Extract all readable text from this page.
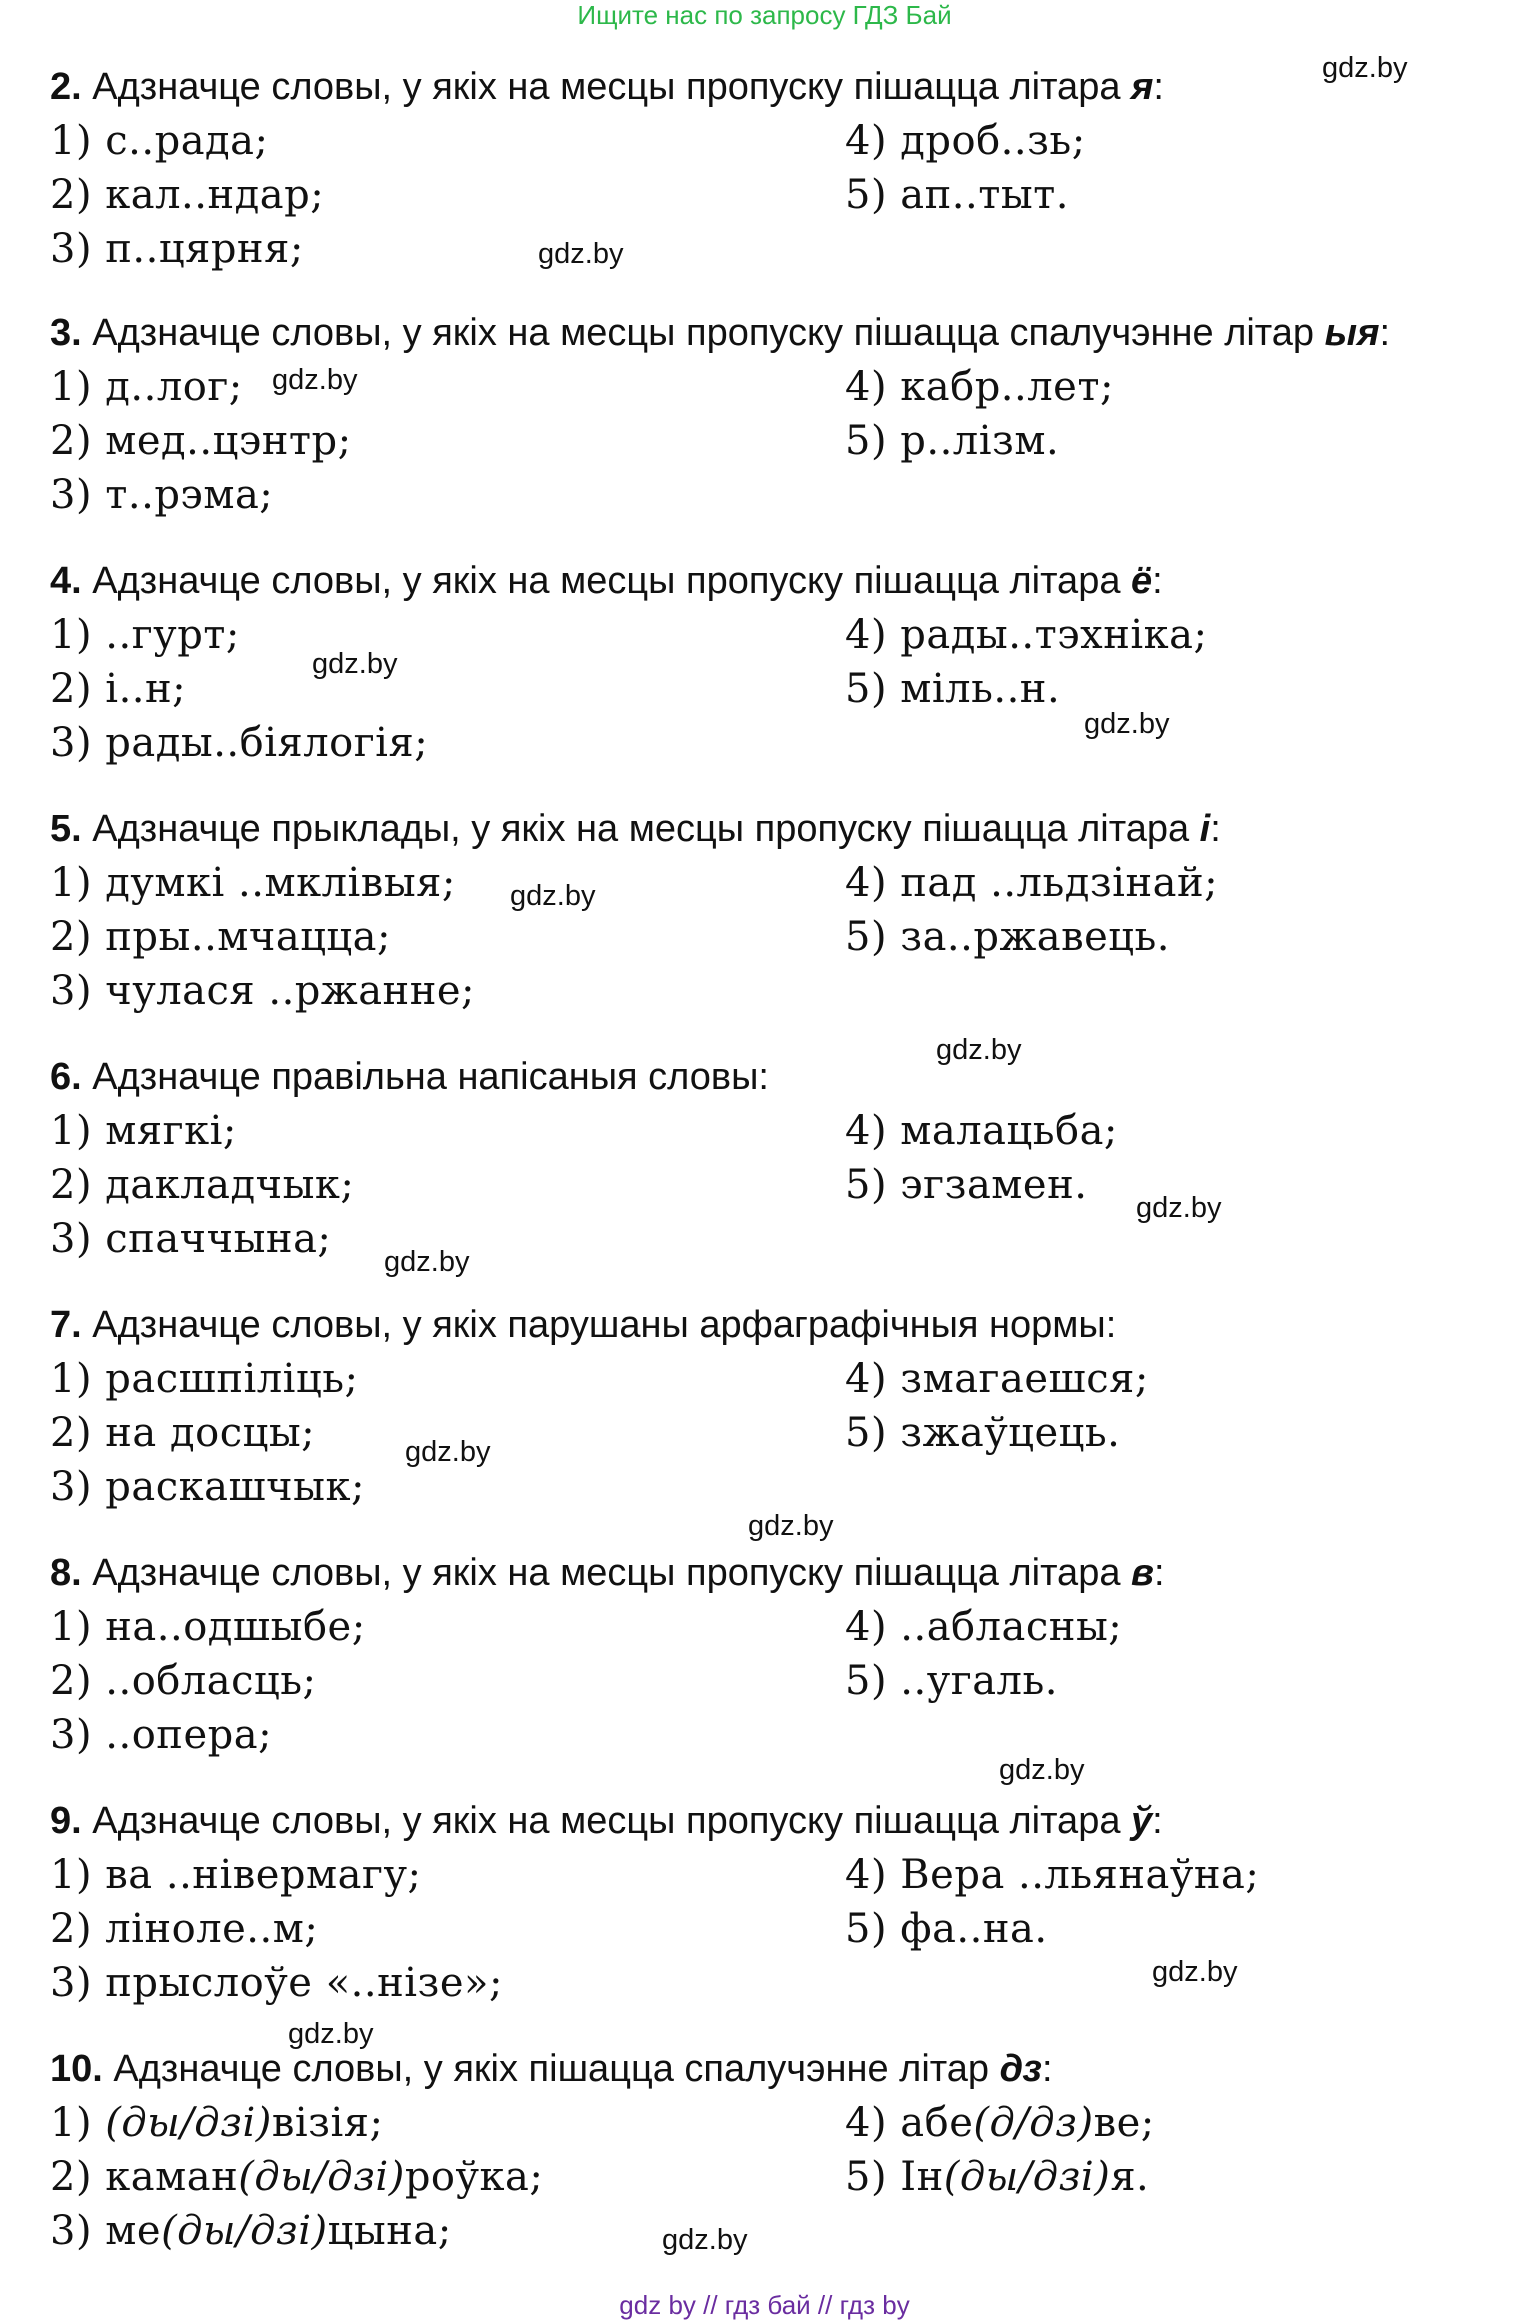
Ищите нас по запросу ГДЗ Бай
2. Адзначце словы, у якіх на месцы пропуску пішацца літара я:
1) с..рада;	4) дроб..зь;
2) кал..ндар;	5) ап..тыт.
3) п..цярня;
3. Адзначце словы, у якіх на месцы пропуску пішацца спалучэнне літар ыя:
1) д..лог;	4) кабр..лет;
2) мед..цэнтр;	5) р..лізм.
3) т..рэма;
4. Адзначце словы, у якіх на месцы пропуску пішацца літара ё:
1) ..гурт;	4) рады..тэхніка;
2) і..н;	5) міль..н.
3) рады..біялогія;
5. Адзначце прыклады, у якіх на месцы пропуску пішацца літара і:
1) думкі ..мклівыя;	4) пад ..льдзінай;
2) пры..мчацца;	5) за..ржавець.
3) чулася ..ржанне;
6. Адзначце правільна напісаныя словы:
1) мягкі;	4) малацьба;
2) дакладчык;	5) эгзамен.
3) спаччына;
7. Адзначце словы, у якіх парушаны арфаграфічныя нормы:
1) расшпіліць;	4) змагаешся;
2) на досцы;	5) зжаўцець.
3) раскашчык;
8. Адзначце словы, у якіх на месцы пропуску пішацца літара в:
1) на..одшыбе;	4) ..абласны;
2) ..обласць;	5) ..угаль.
3) ..опера;
9. Адзначце словы, у якіх на месцы пропуску пішацца літара ў:
1) ва ..нівермагу;	4) Вера ..льянаўна;
2) ліноле..м;	5) фа..на.
3) прыслоўе «..нізе»;
10. Адзначце словы, у якіх пішацца спалучэнне літар дз:
1) (ды/дзі)візія;	4) абе(д/дз)ве;
2) каман(ды/дзі)роўка;	5) Ін(ды/дзі)я.
3) ме(ды/дзі)цына;
gdz.by
gdz.by
gdz.by
gdz.by
gdz.by
gdz.by
gdz.by
gdz.by
gdz.by
gdz.by
gdz.by
gdz.by
gdz.by
gdz.by
gdz.by
gdz by // гдз бай // гдз by
